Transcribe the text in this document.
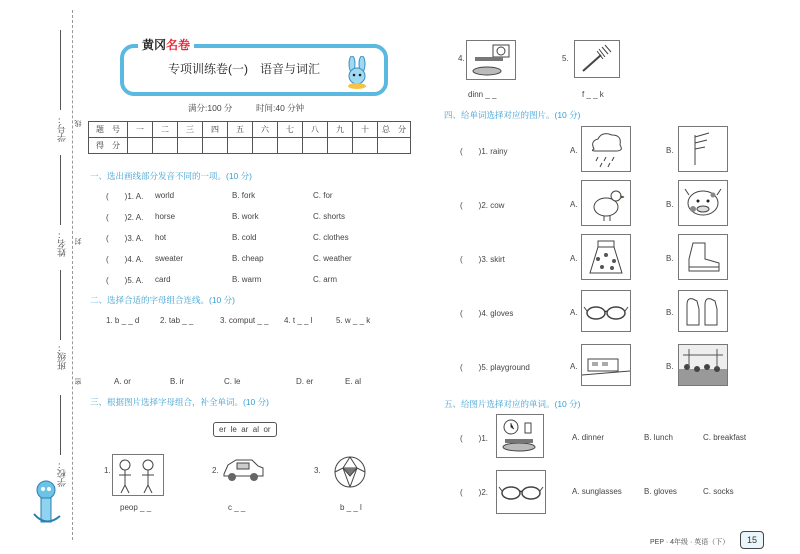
学号：
姓名：
班级：
学校：
线
封
密
黄冈名卷
专项训练卷(一)　语音与词汇
满分:100 分	时间:40 分钟
题　号	一	二	三	四	五	六	七	八	九	十	总　分
得　分											
一、选出画线部分发音不同的一项。(10 分)
(　　)1. A. world	B. fork	C. for
(　　)2. A. horse	B. work	C. shorts
(　　)3. A. hot	B. cold	C. clothes
(　　)4. A. sweater	B. cheap	C. weather
(　　)5. A. card	B. warm	C. arm
二、选择合适的字母组合连线。(10 分)
1. b _ _ d	2. tab _ _	3. comput _ _ 4. t _ _ l	5. w _ _ k
A. or	B. ir	C. le	D. er	E. al
三、根据图片选择字母组合，补全单词。(10 分)
er  le  ar  al  or
1.
peop _ _
2.
c _ _
3.
b _ _ l
4.
dinn _ _
5.
f _ _ k
四、给单词选择对应的图片。(10 分)
(　　)1. rainy	A.	B.
(　　)2. cow	A.	B.
(　　)3. skirt	A.	B.
(　　)4. gloves	A.	B.
(　　)5. playground	A.	B.
五、给图片选择对应的单词。(10 分)
(　　)1.	A. dinner	B. lunch	C. breakfast
(　　)2.	A. sunglasses	B. gloves	C. socks
PEP · 4年级 · 英语（下）	15
